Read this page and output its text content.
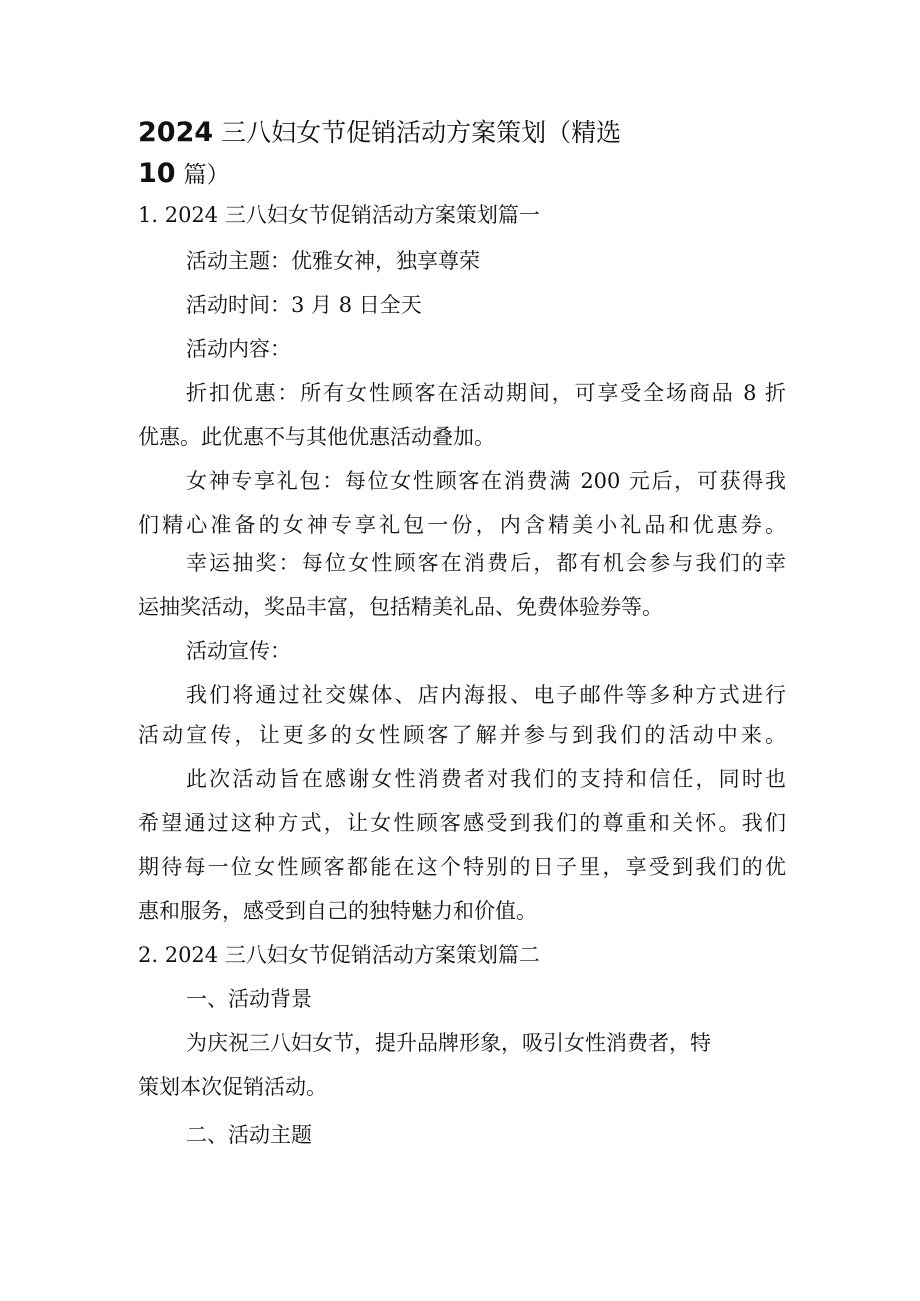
2024 三八妇女节促销活动方案策划（精选
10 篇）
1. 2024 三八妇女节促销活动方案策划篇一
活动主题：优雅女神，独享尊荣
活动时间：3 月 8 日全天
活动内容：
折扣优惠：所有女性顾客在活动期间，可享受全场商品 8 折
优惠。此优惠不与其他优惠活动叠加。
女神专享礼包：每位女性顾客在消费满 200 元后，可获得我
们精心准备的女神专享礼包一份，内含精美小礼品和优惠券。
幸运抽奖：每位女性顾客在消费后，都有机会参与我们的幸
运抽奖活动，奖品丰富，包括精美礼品、免费体验券等。
活动宣传：
我们将通过社交媒体、店内海报、电子邮件等多种方式进行
活动宣传，让更多的女性顾客了解并参与到我们的活动中来。
此次活动旨在感谢女性消费者对我们的支持和信任，同时也
希望通过这种方式，让女性顾客感受到我们的尊重和关怀。我们
期待每一位女性顾客都能在这个特别的日子里，享受到我们的优
惠和服务，感受到自己的独特魅力和价值。
2. 2024 三八妇女节促销活动方案策划篇二
一、活动背景
为庆祝三八妇女节，提升品牌形象，吸引女性消费者，特
策划本次促销活动。
二、活动主题
